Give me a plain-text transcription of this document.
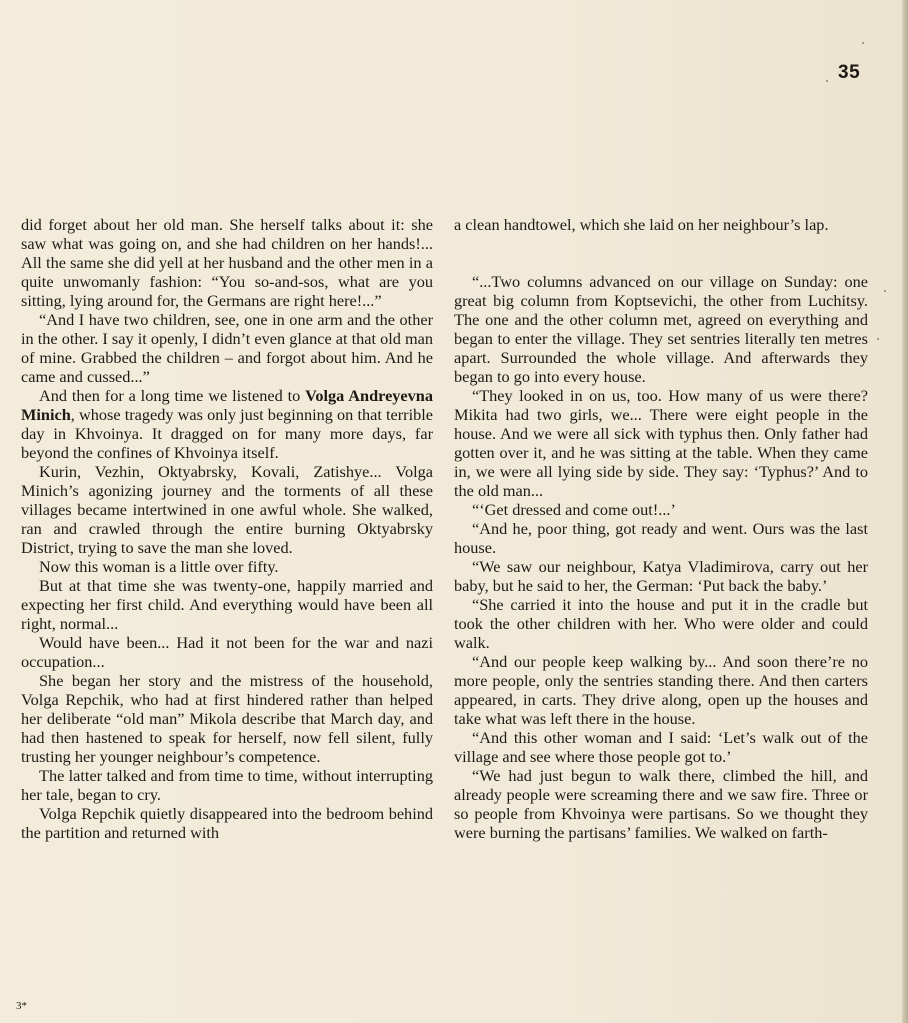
35

did forget about her old man. She herself talks about it: she saw what was going on, and she had children on her hands!... All the same she did yell at her husband and the other men in a quite unwomanly fashion: “You so-and-sos, what are you sitting, lying around for, the Germans are right here!...”

“And I have two children, see, one in one arm and the other in the other. I say it openly, I didn’t even glance at that old man of mine. Grabbed the children – and forgot about him. And he came and cussed...”

And then for a long time we listened to Volga Andreyevna Minich, whose tragedy was only just beginning on that terrible day in Khvoinya. It dragged on for many more days, far beyond the confines of Khvoinya itself.

Kurin, Vezhin, Oktyabrsky, Kovali, Zatishye... Volga Minich’s agonizing journey and the torments of all these villages became intertwined in one awful whole. She walked, ran and crawled through the entire burning Oktyabrsky District, trying to save the man she loved.

Now this woman is a little over fifty.

But at that time she was twenty-one, happily married and expecting her first child. And everything would have been all right, normal...

Would have been... Had it not been for the war and nazi occupation...

She began her story and the mistress of the household, Volga Repchik, who had at first hindered rather than helped her deliberate “old man” Mikola describe that March day, and had then hastened to speak for herself, now fell silent, fully trusting her younger neighbour’s competence.

The latter talked and from time to time, without interrupting her tale, began to cry.

Volga Repchik quietly disappeared into the bedroom behind the partition and returned with

a clean handtowel, which she laid on her neighbour’s lap.

“...Two columns advanced on our village on Sunday: one great big column from Koptsevichi, the other from Luchitsy. The one and the other column met, agreed on everything and began to enter the village. They set sentries literally ten metres apart. Surrounded the whole village. And afterwards they began to go into every house.

“They looked in on us, too. How many of us were there? Mikita had two girls, we... There were eight people in the house. And we were all sick with typhus then. Only father had gotten over it, and he was sitting at the table. When they came in, we were all lying side by side. They say: ‘Typhus?’ And to the old man...

“‘Get dressed and come out!...’

“And he, poor thing, got ready and went. Ours was the last house.

“We saw our neighbour, Katya Vladimirova, carry out her baby, but he said to her, the German: ‘Put back the baby.’

“She carried it into the house and put it in the cradle but took the other children with her. Who were older and could walk.

“And our people keep walking by... And soon there’re no more people, only the sentries standing there. And then carters appeared, in carts. They drive along, open up the houses and take what was left there in the house.

“And this other woman and I said: ‘Let’s walk out of the village and see where those people got to.’

“We had just begun to walk there, climbed the hill, and already people were screaming there and we saw fire. Three or so people from Khvoinya were partisans. So we thought they were burning the partisans’ families. We walked on farth-

3*
